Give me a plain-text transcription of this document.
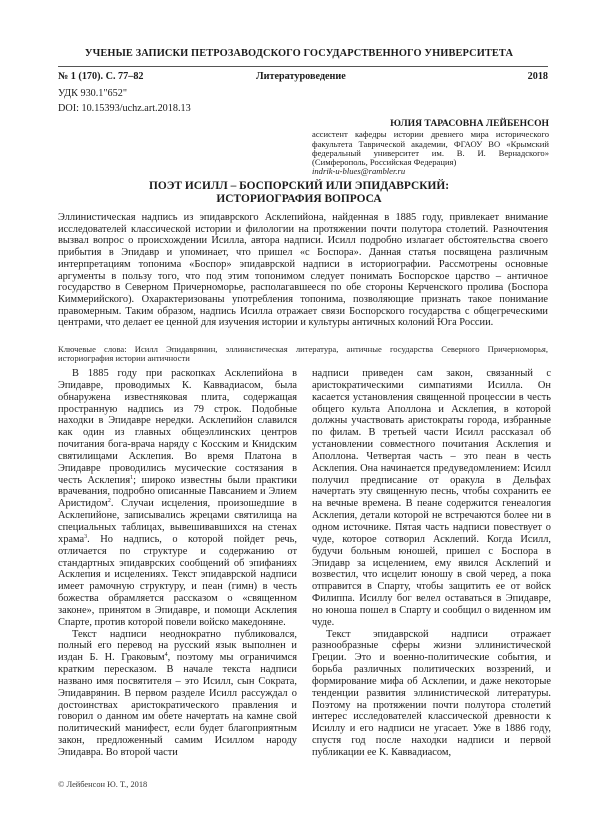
УЧЕНЫЕ ЗАПИСКИ ПЕТРОЗАВОДСКОГО ГОСУДАРСТВЕННОГО УНИВЕРСИТЕТА
№ 1 (170). С. 77–82	Литературоведение	2018
УДК 930.1"652"
DOI: 10.15393/uchz.art.2018.13
ЮЛИЯ ТАРАСОВНА ЛЕЙБЕНСОН
ассистент кафедры истории древнего мира исторического факультета Таврической академии, ФГАОУ ВО «Крымский федеральный университет им. В. И. Вернадского» (Симферополь, Российская Федерация)
indrik-u-blues@rambler.ru
ПОЭТ ИСИЛЛ – БОСПОРСКИЙ ИЛИ ЭПИДАВРСКИЙ:
ИСТОРИОГРАФИЯ ВОПРОСА
Эллинистическая надпись из эпидаврского Асклепийона, найденная в 1885 году, привлекает внимание исследователей классической истории и филологии на протяжении почти полутора столетий. Разночтения вызвал вопрос о происхождении Исилла, автора надписи. Исилл подробно излагает обстоятельства своего прибытия в Эпидавр и упоминает, что пришел «с Боспора». Данная статья посвящена различным интерпретациям топонима «Боспор» эпидаврской надписи в историографии. Рассмотрены основные аргументы в пользу того, что под этим топонимом следует понимать Боспорское царство – античное государство в Северном Причерноморье, располагавшееся по обе стороны Керченского пролива (Боспора Киммерийского). Охарактеризованы употребления топонима, позволяющие признать такое понимание правомерным. Таким образом, надпись Исилла отражает связи Боспорского государства с общегреческими центрами, что делает ее ценной для изучения истории и культуры античных колоний Юга России.
Ключевые слова: Исилл Эпидаврянин, эллинистическая литература, античные государства Северного Причерноморья, историография истории античности

В 1885 году при раскопках Асклепийона в Эпидавре, проводимых К. Каввадиасом, была обнаружена известняковая плита, содержащая пространную надпись из 79 строк. Подобные находки в Эпидавре нередки. Асклепийон славился как один из главных общеэллинских центров почитания бога-врача наряду с Косским и Книдским святилищами Асклепия. Во время Платона в Эпидавре проводились мусические состязания в честь Асклепия$^1$; широко известны были практики врачевания, подробно описанные Павсанием и Элием Аристидом$^2$. Случаи исцеления, произошедшие в Асклепийоне, записывались жрецами святилища на специальных таблицах, вывешивавшихся на стенах храма$^3$. Но надпись, о которой пойдет речь, отличается по структуре и содержанию от стандартных эпидаврских сообщений об эпифаниях Асклепия и исцелениях. Текст эпидаврской надписи имеет рамочную структуру, и пеан (гимн) в честь божества обрамляется рассказом о «священном законе», принятом в Эпидавре, и помощи Асклепия Спарте, против которой повели войско македоняне.

Текст надписи неоднократно публиковался, полный его перевод на русский язык выполнен и издан Б. Н. Граковым$^4$, поэтому мы ограничимся кратким пересказом. В начале текста надписи названо имя посвятителя – это Исилл, сын Сократа, Эпидаврянин. В первом разделе Исилл рассуждал о достоинствах аристократического правления и говорил о данном им обете начертать на камне свой политический манифест, если будет благоприятным закон, предложенный самим Исиллом народу Эпидавра. Во второй части

надписи приведен сам закон, связанный с аристократическими симпатиями Исилла. Он касается установления священной процессии в честь общего культа Аполлона и Асклепия, в которой должны участвовать аристократы города, избранные по филам. В третьей части Исилл рассказал об установлении совместного почитания Асклепия и Аполлона. Четвертая часть – это пеан в честь Асклепия. Она начинается предуведомлением: Исилл получил предписание от оракула в Дельфах начертать эту священную песнь, чтобы сохранить ее на вечные времена. В пеане содержится генеалогия Асклепия, детали которой не встречаются более ни в одном источнике. Пятая часть надписи повествует о чуде, которое сотворил Асклепий. Когда Исилл, будучи больным юношей, пришел с Боспора в Эпидавр за исцелением, ему явился Асклепий и возвестил, что исцелит юношу в свой черед, а пока отправится в Спарту, чтобы защитить ее от войск Филиппа. Исиллу бог велел оставаться в Эпидавре, но юноша пошел в Спарту и сообщил о виденном им чуде.

Текст эпидаврской надписи отражает разнообразные сферы жизни эллинистической Греции. Это и военно-политические события, и борьба различных политических воззрений, и формирование мифа об Асклепии, и даже некоторые тенденции развития эллинистической литературы. Поэтому на протяжении почти полутора столетий интерес исследователей классической древности к Исиллу и его надписи не угасает. Уже в 1886 году, спустя год после находки надписи и первой публикации ее К. Каввадиасом,

© Лейбенсон Ю. Т., 2018
